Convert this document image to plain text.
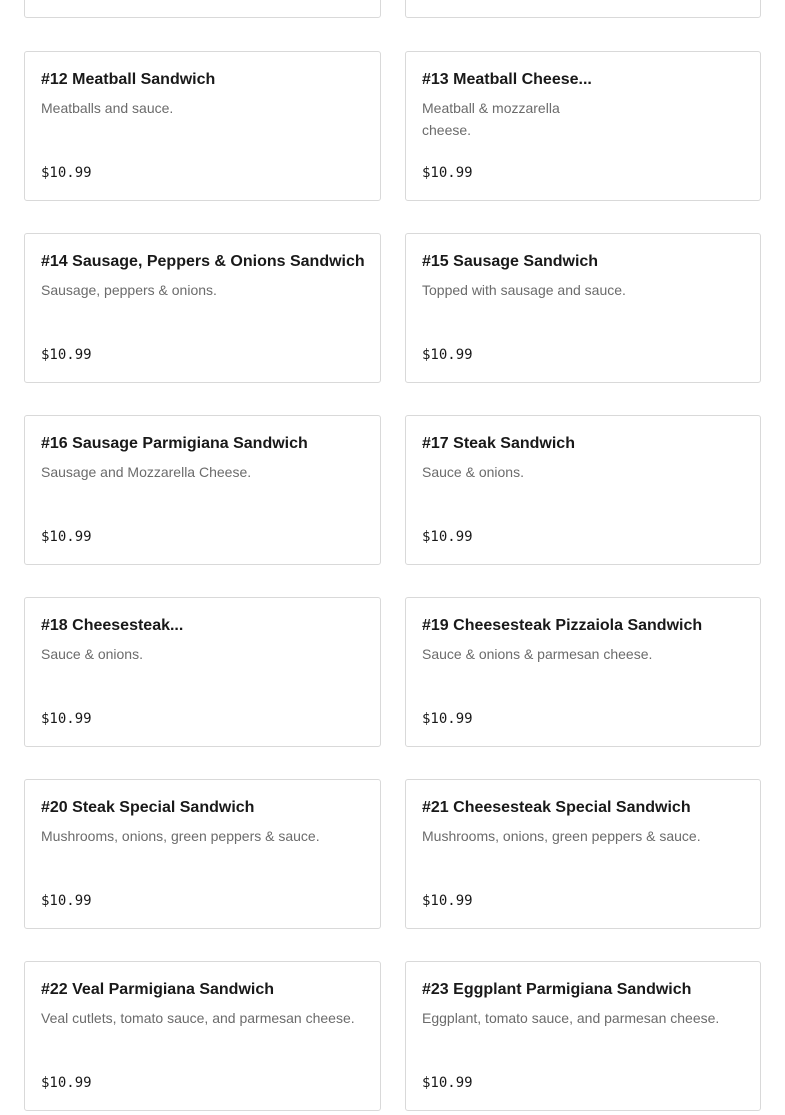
#12 Meatball Sandwich
Meatballs and sauce.
$10.99
#13 Meatball Cheese...
Meatball & mozzarella cheese.
$10.99
#14 Sausage, Peppers & Onions Sandwich
Sausage, peppers & onions.
$10.99
#15 Sausage Sandwich
Topped with sausage and sauce.
$10.99
#16 Sausage Parmigiana Sandwich
Sausage and Mozzarella Cheese.
$10.99
#17 Steak Sandwich
Sauce & onions.
$10.99
#18 Cheesesteak...
Sauce & onions.
$10.99
#19 Cheesesteak Pizzaiola Sandwich
Sauce & onions & parmesan cheese.
$10.99
#20 Steak Special Sandwich
Mushrooms, onions, green peppers & sauce.
$10.99
#21 Cheesesteak Special Sandwich
Mushrooms, onions, green peppers & sauce.
$10.99
#22 Veal Parmigiana Sandwich
Veal cutlets, tomato sauce, and parmesan cheese.
$10.99
#23 Eggplant Parmigiana Sandwich
Eggplant, tomato sauce, and parmesan cheese.
$10.99
